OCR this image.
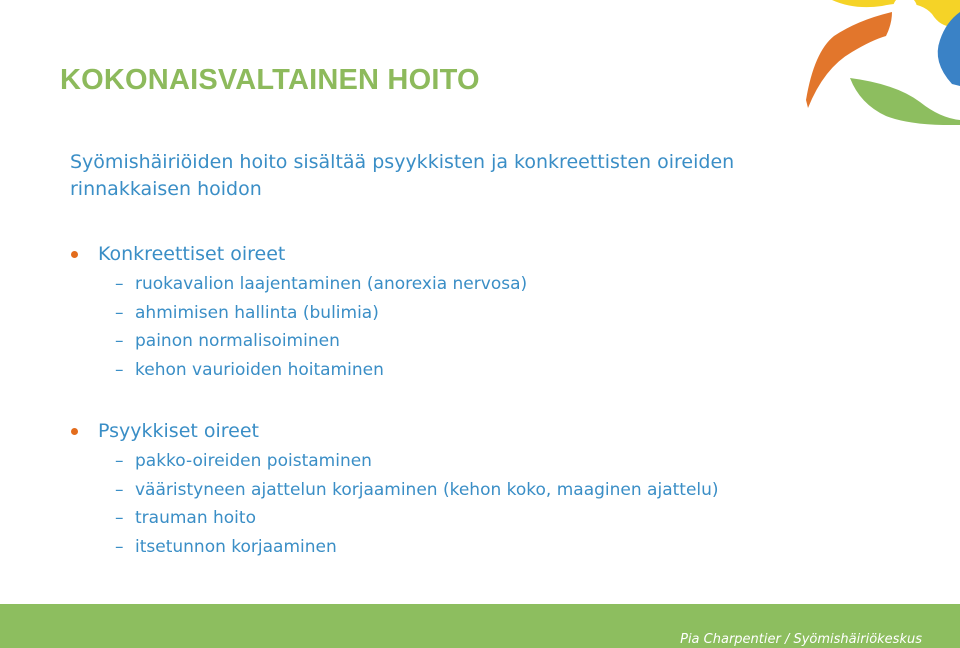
KOKONAISVALTAINEN HOITO

Syömishäiriöiden hoito sisältää psyykkisten ja konkreettisten oireiden rinnakkaisen hoidon

Konkreettiset oireet
– ruokavalion laajentaminen (anorexia nervosa)
– ahmimisen hallinta (bulimia)
– painon normalisoiminen
– kehon vaurioiden hoitaminen
Psyykkiset oireet
– pakko-oireiden poistaminen
– vääristyneen ajattelun korjaaminen (kehon koko, maaginen ajattelu)
– trauman hoito
– itsetunnon korjaaminen
Pia Charpentier / Syömishäiriökeskus
